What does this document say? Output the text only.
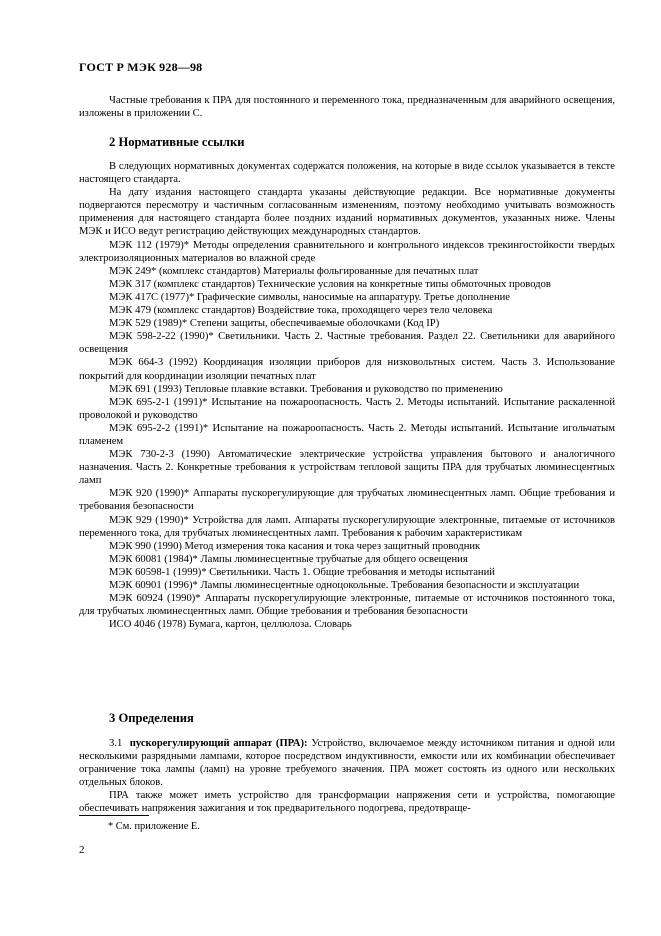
ГОСТ Р МЭК 928—98

Частные требования к ПРА для постоянного и переменного тока, предназначенным для аварийного освещения, изложены в приложении С.

2 Нормативные ссылки

В следующих нормативных документах содержатся положения, на которые в виде ссылок указывается в тексте настоящего стандарта.

На дату издания настоящего стандарта указаны действующие редакции. Все нормативные документы подвергаются пересмотру и частичным согласованным изменениям, поэтому необходимо учитывать возможность применения для настоящего стандарта более поздних изданий нормативных документов, указанных ниже. Члены МЭК и ИСО ведут регистрацию действующих международных стандартов.

МЭК 112 (1979)* Методы определения сравнительного и контрольного индексов трекингостойкости твердых электроизоляционных материалов во влажной среде

МЭК 249* (комплекс стандартов) Материалы фольгированные для печатных плат

МЭК 317 (комплекс стандартов) Технические условия на конкретные типы обмоточных проводов

МЭК 417С (1977)* Графические символы, наносимые на аппаратуру. Третье дополнение

МЭК 479 (комплекс стандартов) Воздействие тока, проходящего через тело человека

МЭК 529 (1989)* Степени защиты, обеспечиваемые оболочками (Код IP)

МЭК 598-2-22 (1990)* Светильники. Часть 2. Частные требования. Раздел 22. Светильники для аварийного освещения

МЭК 664-3 (1992) Координация изоляции приборов для низковольтных систем. Часть 3. Использование покрытий для координации изоляции печатных плат

МЭК 691 (1993) Тепловые плавкие вставки. Требования и руководство по применению

МЭК 695-2-1 (1991)* Испытание на пожароопасность. Часть 2. Методы испытаний. Испытание раскаленной проволокой и руководство

МЭК 695-2-2 (1991)* Испытание на пожароопасность. Часть 2. Методы испытаний. Испытание игольчатым пламенем

МЭК 730-2-3 (1990) Автоматические электрические устройства управления бытового и аналогичного назначения. Часть 2. Конкретные требования к устройствам тепловой защиты ПРА для трубчатых люминесцентных ламп

МЭК 920 (1990)* Аппараты пускорегулирующие для трубчатых люминесцентных ламп. Общие требования и требования безопасности

МЭК 929 (1990)* Устройства для ламп. Аппараты пускорегулирующие электронные, питаемые от источников переменного тока, для трубчатых люминесцентных ламп. Требования к рабочим характеристикам

МЭК 990 (1990) Метод измерения тока касания и тока через защитный проводник

МЭК 60081 (1984)* Лампы люминесцентные трубчатые для общего освещения

МЭК 60598-1 (1999)* Светильники. Часть 1. Общие требования и методы испытаний

МЭК 60901 (1996)* Лампы люминесцентные одноцокольные. Требования безопасности и эксплуатации

МЭК 60924 (1990)* Аппараты пускорегулирующие электронные, питаемые от источников постоянного тока, для трубчатых люминесцентных ламп. Общие требования и требования безопасности

ИСО 4046 (1978) Бумага, картон, целлюлоза. Словарь

3 Определения

3.1 пускорегулирующий аппарат (ПРА): Устройство, включаемое между источником питания и одной или несколькими разрядными лампами, которое посредством индуктивности, емкости или их комбинации обеспечивает ограничение тока лампы (ламп) на уровне требуемого значения. ПРА может состоять из одного или нескольких отдельных блоков.

ПРА также может иметь устройство для трансформации напряжения сети и устройства, помогающие обеспечивать напряжения зажигания и ток предварительного подогрева, предотвраще-

* См. приложение Е.
2
